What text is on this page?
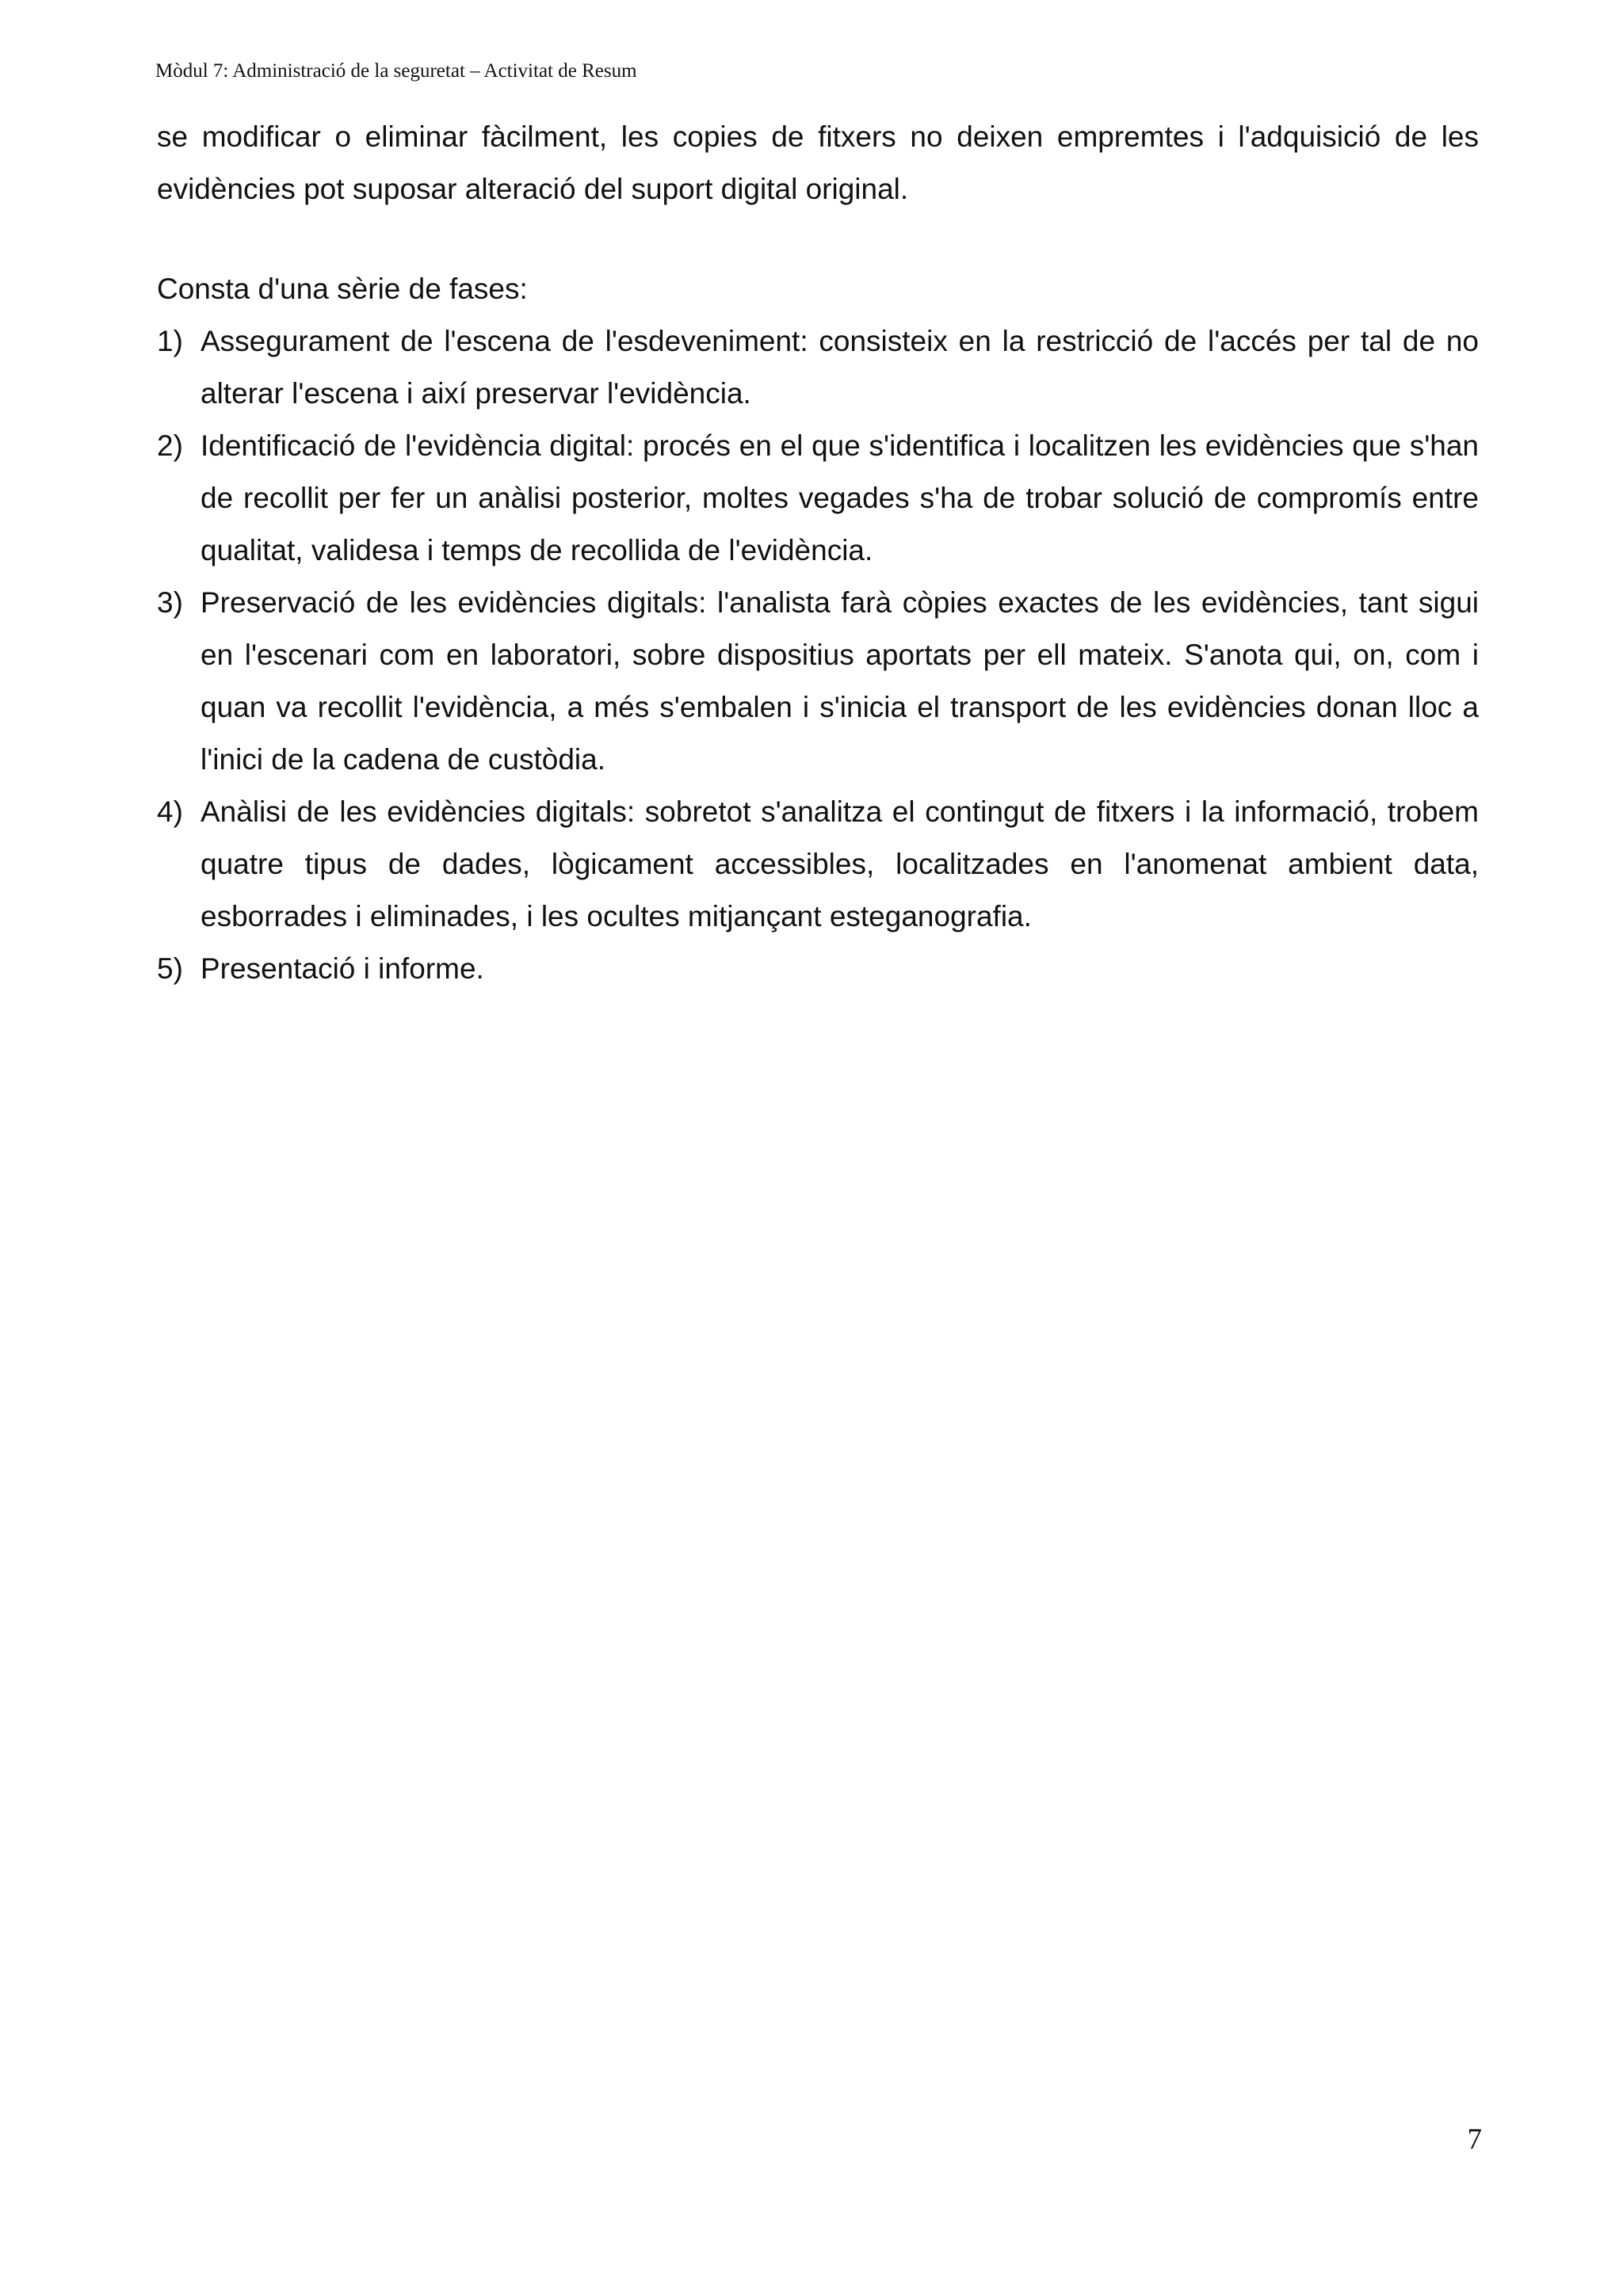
Mòdul 7: Administració de la seguretat – Activitat de Resum

se modificar o eliminar fàcilment, les copies de fitxers no deixen empremtes i l'adquisició de les evidències pot suposar alteració del suport digital original.

Consta d'una sèrie de fases:

1) Assegurament de l'escena de l'esdeveniment: consisteix en la restricció de l'accés per tal de no alterar l'escena i així preservar l'evidència.
2) Identificació de l'evidència digital: procés en el que s'identifica i localitzen les evidències que s'han de recollit per fer un anàlisi posterior, moltes vegades s'ha de trobar solució de compromís entre qualitat, validesa i temps de recollida de l'evidència.
3) Preservació de les evidències digitals: l'analista farà còpies exactes de les evidències, tant sigui en l'escenari com en laboratori, sobre dispositius aportats per ell mateix. S'anota qui, on, com i quan va recollit l'evidència, a més s'embalen i s'inicia el transport de les evidències donan lloc a l'inici de la cadena de custòdia.
4) Anàlisi de les evidències digitals: sobretot s'analitza el contingut de fitxers i la informació, trobem quatre tipus de dades, lògicament accessibles, localitzades en l'anomenat ambient data, esborrades i eliminades, i les ocultes mitjançant esteganografia.
5) Presentació i informe.
7
